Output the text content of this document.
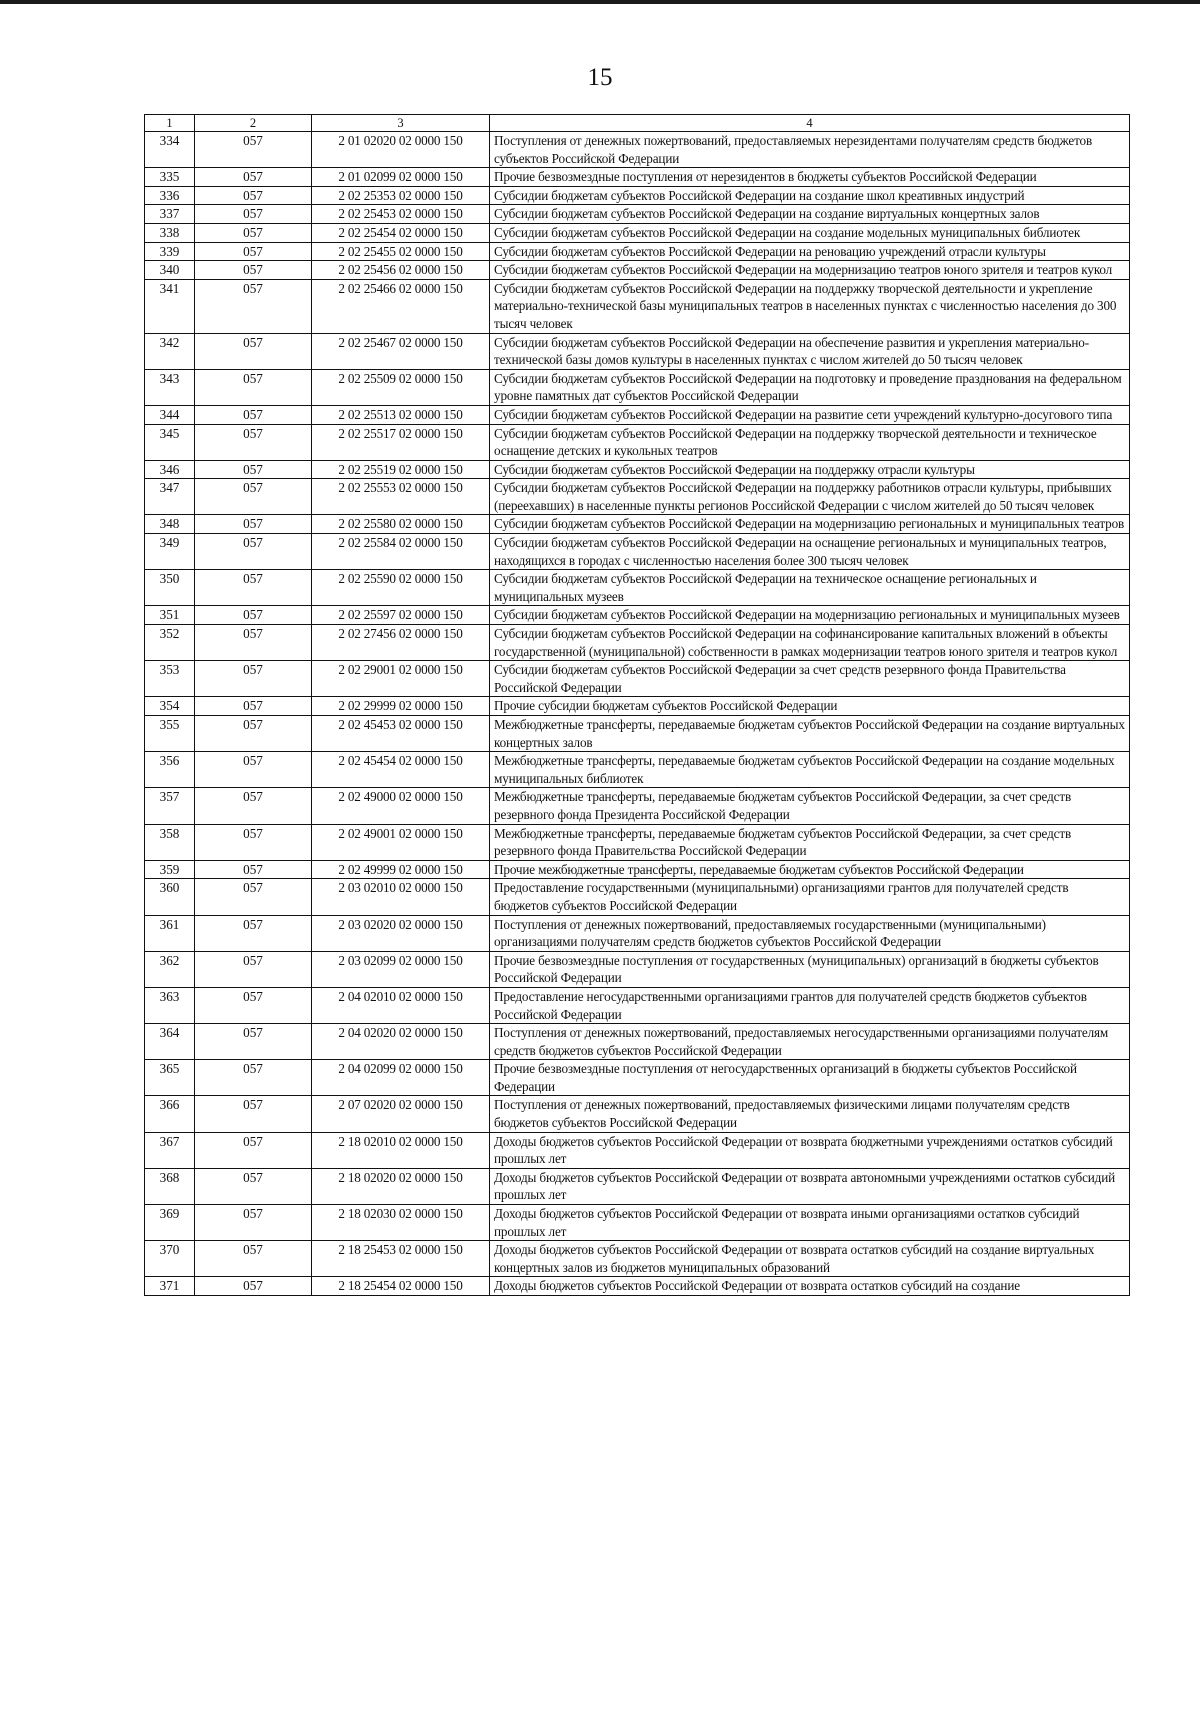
15
1	2	3	4
334	057	2 01 02020 02 0000 150	Поступления от денежных пожертвований, предоставляемых нерезидентами получателям средств бюджетов субъектов Российской Федерации
335	057	2 01 02099 02 0000 150	Прочие безвозмездные поступления от нерезидентов в бюджеты субъектов Российской Федерации
336	057	2 02 25353 02 0000 150	Субсидии бюджетам субъектов Российской Федерации на создание школ креативных индустрий
337	057	2 02 25453 02 0000 150	Субсидии бюджетам субъектов Российской Федерации на создание виртуальных концертных залов
338	057	2 02 25454 02 0000 150	Субсидии бюджетам субъектов Российской Федерации на создание модельных муниципальных библиотек
339	057	2 02 25455 02 0000 150	Субсидии бюджетам субъектов Российской Федерации на реновацию учреждений отрасли культуры
340	057	2 02 25456 02 0000 150	Субсидии бюджетам субъектов Российской Федерации на модернизацию театров юного зрителя и театров кукол
341	057	2 02 25466 02 0000 150	Субсидии бюджетам субъектов Российской Федерации на поддержку творческой деятельности и укрепление материально-технической базы муниципальных театров в населенных пунктах с численностью населения до 300 тысяч человек
342	057	2 02 25467 02 0000 150	Субсидии бюджетам субъектов Российской Федерации на обеспечение развития и укрепления материально-технической базы домов культуры в населенных пунктах с числом жителей до 50 тысяч человек
343	057	2 02 25509 02 0000 150	Субсидии бюджетам субъектов Российской Федерации на подготовку и проведение празднования на федеральном уровне памятных дат субъектов Российской Федерации
344	057	2 02 25513 02 0000 150	Субсидии бюджетам субъектов Российской Федерации на развитие сети учреждений культурно-досугового типа
345	057	2 02 25517 02 0000 150	Субсидии бюджетам субъектов Российской Федерации на поддержку творческой деятельности и техническое оснащение детских и кукольных театров
346	057	2 02 25519 02 0000 150	Субсидии бюджетам субъектов Российской Федерации на поддержку отрасли культуры
347	057	2 02 25553 02 0000 150	Субсидии бюджетам субъектов Российской Федерации на поддержку работников отрасли культуры, прибывших (переехавших) в населенные пункты регионов Российской Федерации с числом жителей до 50 тысяч человек
348	057	2 02 25580 02 0000 150	Субсидии бюджетам субъектов Российской Федерации на модернизацию региональных и муниципальных театров
349	057	2 02 25584 02 0000 150	Субсидии бюджетам субъектов Российской Федерации на оснащение региональных и муниципальных театров, находящихся в городах с численностью населения более 300 тысяч человек
350	057	2 02 25590 02 0000 150	Субсидии бюджетам субъектов Российской Федерации на техническое оснащение региональных и муниципальных музеев
351	057	2 02 25597 02 0000 150	Субсидии бюджетам субъектов Российской Федерации на модернизацию региональных и муниципальных музеев
352	057	2 02 27456 02 0000 150	Субсидии бюджетам субъектов Российской Федерации на софинансирование капитальных вложений в объекты государственной (муниципальной) собственности в рамках модернизации театров юного зрителя и театров кукол
353	057	2 02 29001 02 0000 150	Субсидии бюджетам субъектов Российской Федерации за счет средств резервного фонда Правительства Российской Федерации
354	057	2 02 29999 02 0000 150	Прочие субсидии бюджетам субъектов Российской Федерации
355	057	2 02 45453 02 0000 150	Межбюджетные трансферты, передаваемые бюджетам субъектов Российской Федерации на создание виртуальных концертных залов
356	057	2 02 45454 02 0000 150	Межбюджетные трансферты, передаваемые бюджетам субъектов Российской Федерации на создание модельных муниципальных библиотек
357	057	2 02 49000 02 0000 150	Межбюджетные трансферты, передаваемые бюджетам субъектов Российской Федерации, за счет средств резервного фонда Президента Российской Федерации
358	057	2 02 49001 02 0000 150	Межбюджетные трансферты, передаваемые бюджетам субъектов Российской Федерации, за счет средств резервного фонда Правительства Российской Федерации
359	057	2 02 49999 02 0000 150	Прочие межбюджетные трансферты, передаваемые бюджетам субъектов Российской Федерации
360	057	2 03 02010 02 0000 150	Предоставление государственными (муниципальными) организациями грантов для получателей средств бюджетов субъектов Российской Федерации
361	057	2 03 02020 02 0000 150	Поступления от денежных пожертвований, предоставляемых государственными (муниципальными) организациями получателям средств бюджетов субъектов Российской Федерации
362	057	2 03 02099 02 0000 150	Прочие безвозмездные поступления от государственных (муниципальных) организаций в бюджеты субъектов Российской Федерации
363	057	2 04 02010 02 0000 150	Предоставление негосударственными организациями грантов для получателей средств бюджетов субъектов Российской Федерации
364	057	2 04 02020 02 0000 150	Поступления от денежных пожертвований, предоставляемых негосударственными организациями получателям средств бюджетов субъектов Российской Федерации
365	057	2 04 02099 02 0000 150	Прочие безвозмездные поступления от негосударственных организаций в бюджеты субъектов Российской Федерации
366	057	2 07 02020 02 0000 150	Поступления от денежных пожертвований, предоставляемых физическими лицами получателям средств бюджетов субъектов Российской Федерации
367	057	2 18 02010 02 0000 150	Доходы бюджетов субъектов Российской Федерации от возврата бюджетными учреждениями остатков субсидий прошлых лет
368	057	2 18 02020 02 0000 150	Доходы бюджетов субъектов Российской Федерации от возврата автономными учреждениями остатков субсидий прошлых лет
369	057	2 18 02030 02 0000 150	Доходы бюджетов субъектов Российской Федерации от возврата иными организациями остатков субсидий прошлых лет
370	057	2 18 25453 02 0000 150	Доходы бюджетов субъектов Российской Федерации от возврата остатков субсидий на создание виртуальных концертных залов из бюджетов муниципальных образований
371	057	2 18 25454 02 0000 150	Доходы бюджетов субъектов Российской Федерации от возврата остатков субсидий на создание
